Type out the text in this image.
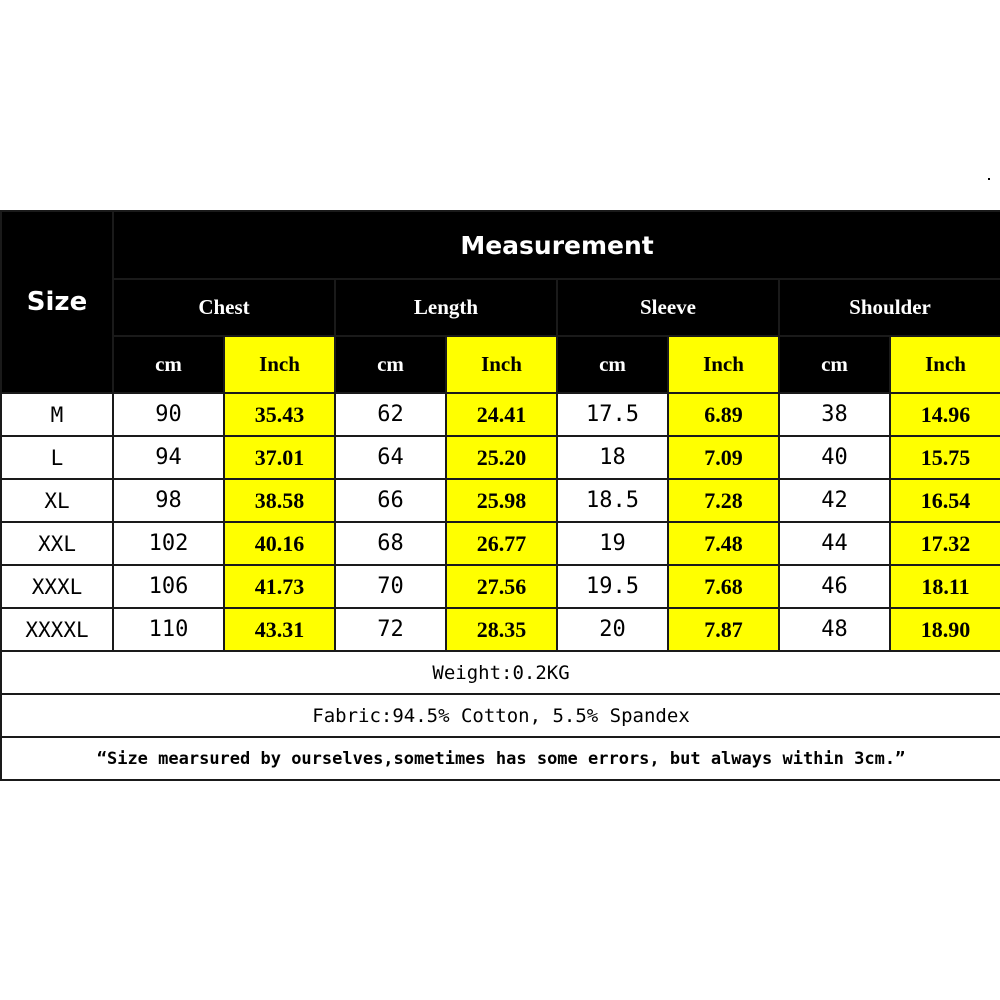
Size	Measurement							
	Chest		Length		Sleeve		Shoulder	
	cm	Inch	cm	Inch	cm	Inch	cm	Inch
M	90	35.43	62	24.41	17.5	6.89	38	14.96
L	94	37.01	64	25.20	18	7.09	40	15.75
XL	98	38.58	66	25.98	18.5	7.28	42	16.54
XXL	102	40.16	68	26.77	19	7.48	44	17.32
XXXL	106	41.73	70	27.56	19.5	7.68	46	18.11
XXXXL	110	43.31	72	28.35	20	7.87	48	18.90
Weight:0.2KG								
Fabric:94.5% Cotton, 5.5% Spandex								
“Size mearsured by ourselves,sometimes has some errors, but always within 3cm.”								
